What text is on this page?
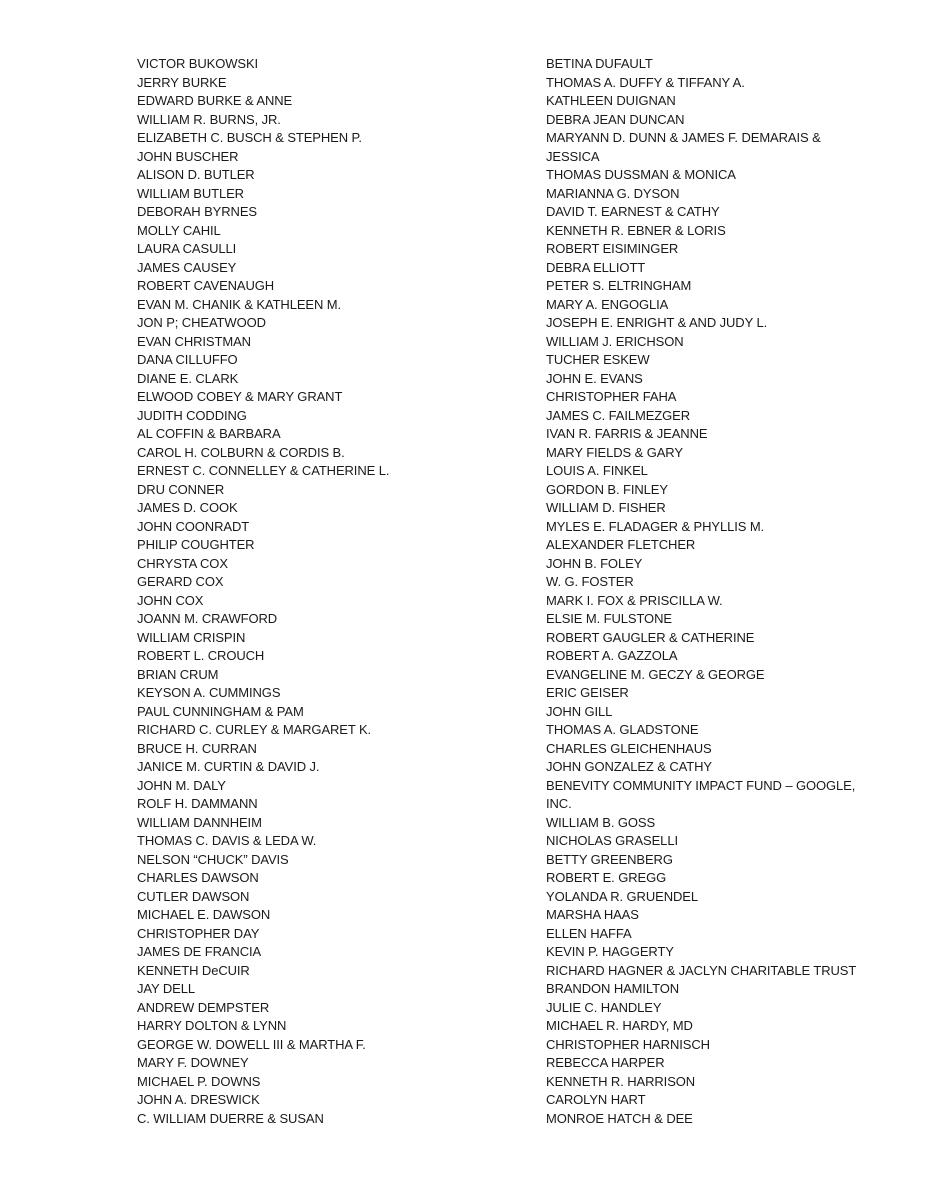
VICTOR BUKOWSKI
JERRY BURKE
EDWARD BURKE & ANNE
WILLIAM R. BURNS, JR.
ELIZABETH C. BUSCH & STEPHEN P.
JOHN BUSCHER
ALISON D. BUTLER
WILLIAM BUTLER
DEBORAH BYRNES
MOLLY CAHIL
LAURA CASULLI
JAMES CAUSEY
ROBERT CAVENAUGH
EVAN M. CHANIK & KATHLEEN M.
JON P; CHEATWOOD
EVAN CHRISTMAN
DANA CILLUFFO
DIANE E. CLARK
ELWOOD COBEY & MARY GRANT
JUDITH CODDING
AL COFFIN & BARBARA
CAROL H. COLBURN & CORDIS B.
ERNEST C. CONNELLEY & CATHERINE L.
DRU CONNER
JAMES D. COOK
JOHN COONRADT
PHILIP COUGHTER
CHRYSTA COX
GERARD COX
JOHN COX
JOANN M. CRAWFORD
WILLIAM CRISPIN
ROBERT L. CROUCH
BRIAN CRUM
KEYSON A. CUMMINGS
PAUL CUNNINGHAM & PAM
RICHARD C. CURLEY & MARGARET K.
BRUCE H. CURRAN
JANICE M. CURTIN & DAVID J.
JOHN M. DALY
ROLF H. DAMMANN
WILLIAM DANNHEIM
THOMAS C. DAVIS & LEDA W.
NELSON “CHUCK” DAVIS
CHARLES DAWSON
CUTLER DAWSON
MICHAEL E. DAWSON
CHRISTOPHER DAY
JAMES DE FRANCIA
KENNETH DeCUIR
JAY DELL
ANDREW DEMPSTER
HARRY DOLTON & LYNN
GEORGE W. DOWELL III & MARTHA F.
MARY F. DOWNEY
MICHAEL P. DOWNS
JOHN A. DRESWICK
C. WILLIAM DUERRE & SUSAN
BETINA DUFAULT
THOMAS A. DUFFY & TIFFANY A.
KATHLEEN DUIGNAN
DEBRA JEAN DUNCAN
MARYANN D. DUNN & JAMES F. DEMARAIS &
JESSICA
THOMAS DUSSMAN & MONICA
MARIANNA G. DYSON
DAVID T. EARNEST & CATHY
KENNETH R. EBNER & LORIS
ROBERT EISIMINGER
DEBRA ELLIOTT
PETER S. ELTRINGHAM
MARY A. ENGOGLIA
JOSEPH E. ENRIGHT & AND JUDY L.
WILLIAM J. ERICHSON
TUCHER ESKEW
JOHN E. EVANS
CHRISTOPHER FAHA
JAMES C. FAILMEZGER
IVAN R. FARRIS & JEANNE
MARY FIELDS & GARY
LOUIS A. FINKEL
GORDON B. FINLEY
WILLIAM D. FISHER
MYLES E. FLADAGER & PHYLLIS M.
ALEXANDER FLETCHER
JOHN B. FOLEY
W. G. FOSTER
MARK I. FOX & PRISCILLA W.
ELSIE M. FULSTONE
ROBERT GAUGLER & CATHERINE
ROBERT A. GAZZOLA
EVANGELINE M. GECZY & GEORGE
ERIC GEISER
JOHN GILL
THOMAS A. GLADSTONE
CHARLES GLEICHENHAUS
JOHN GONZALEZ & CATHY
BENEVITY COMMUNITY IMPACT FUND – GOOGLE,
INC.
WILLIAM B. GOSS
NICHOLAS GRASELLI
BETTY GREENBERG
ROBERT E. GREGG
YOLANDA R. GRUENDEL
MARSHA HAAS
ELLEN HAFFA
KEVIN P. HAGGERTY
RICHARD HAGNER & JACLYN CHARITABLE TRUST
BRANDON HAMILTON
JULIE C. HANDLEY
MICHAEL R. HARDY, MD
CHRISTOPHER HARNISCH
REBECCA HARPER
KENNETH R. HARRISON
CAROLYN HART
MONROE HATCH & DEE
